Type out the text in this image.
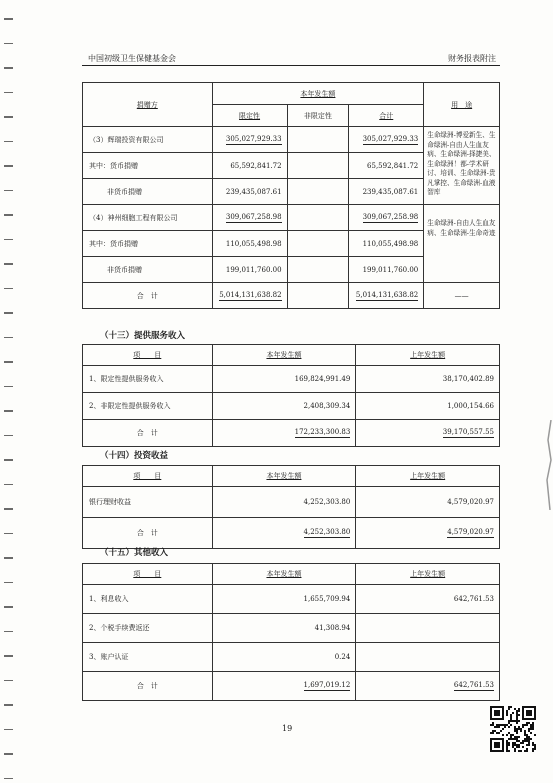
中国初级卫生保健基金会	财务报表附注
捐赠方	本年发生额			用　途
	限定性	非限定性	合计	
（3）辉瑞投资有限公司	305,027,929.33		305,027,929.33	生命绿洲-博爱新生、生命绿洲-自由人生血友病、生命绿洲-择捷美、生命绿洲！都-学术研讨、培训、生命绿洲-贵凡掌控、生命绿洲-血液智库
其中：货币捐赠	65,592,841.72		65,592,841.72	
非货币捐赠	239,435,087.61		239,435,087.61	
（4）神州细胞工程有限公司	309,067,258.98		309,067,258.98	生命绿洲-自由人生血友病、生命绿洲-生命奇迹
其中：货币捐赠	110,055,498.98		110,055,498.98	
非货币捐赠	199,011,760.00		199,011,760.00	
合　计	5,014,131,638.82		5,014,131,638.82	——
（十三）提供服务收入
项　　目	本年发生额	上年发生额
1、限定性提供服务收入	169,824,991.49	38,170,402.89
2、非限定性提供服务收入	2,408,309.34	1,000,154.66
合　计	172,233,300.83	39,170,557.55
（十四）投资收益
项　　目	本年发生额	上年发生额
银行理财收益	4,252,303.80	4,579,020.97
合　计	4,252,303.80	4,579,020.97
（十五）其他收入
项　　目	本年发生额	上年发生额
1、利息收入	1,655,709.94	642,761.53
2、个税手续费返还	41,308.94	
3、账户认证	0.24	
合　计	1,697,019.12	642,761.53
19
